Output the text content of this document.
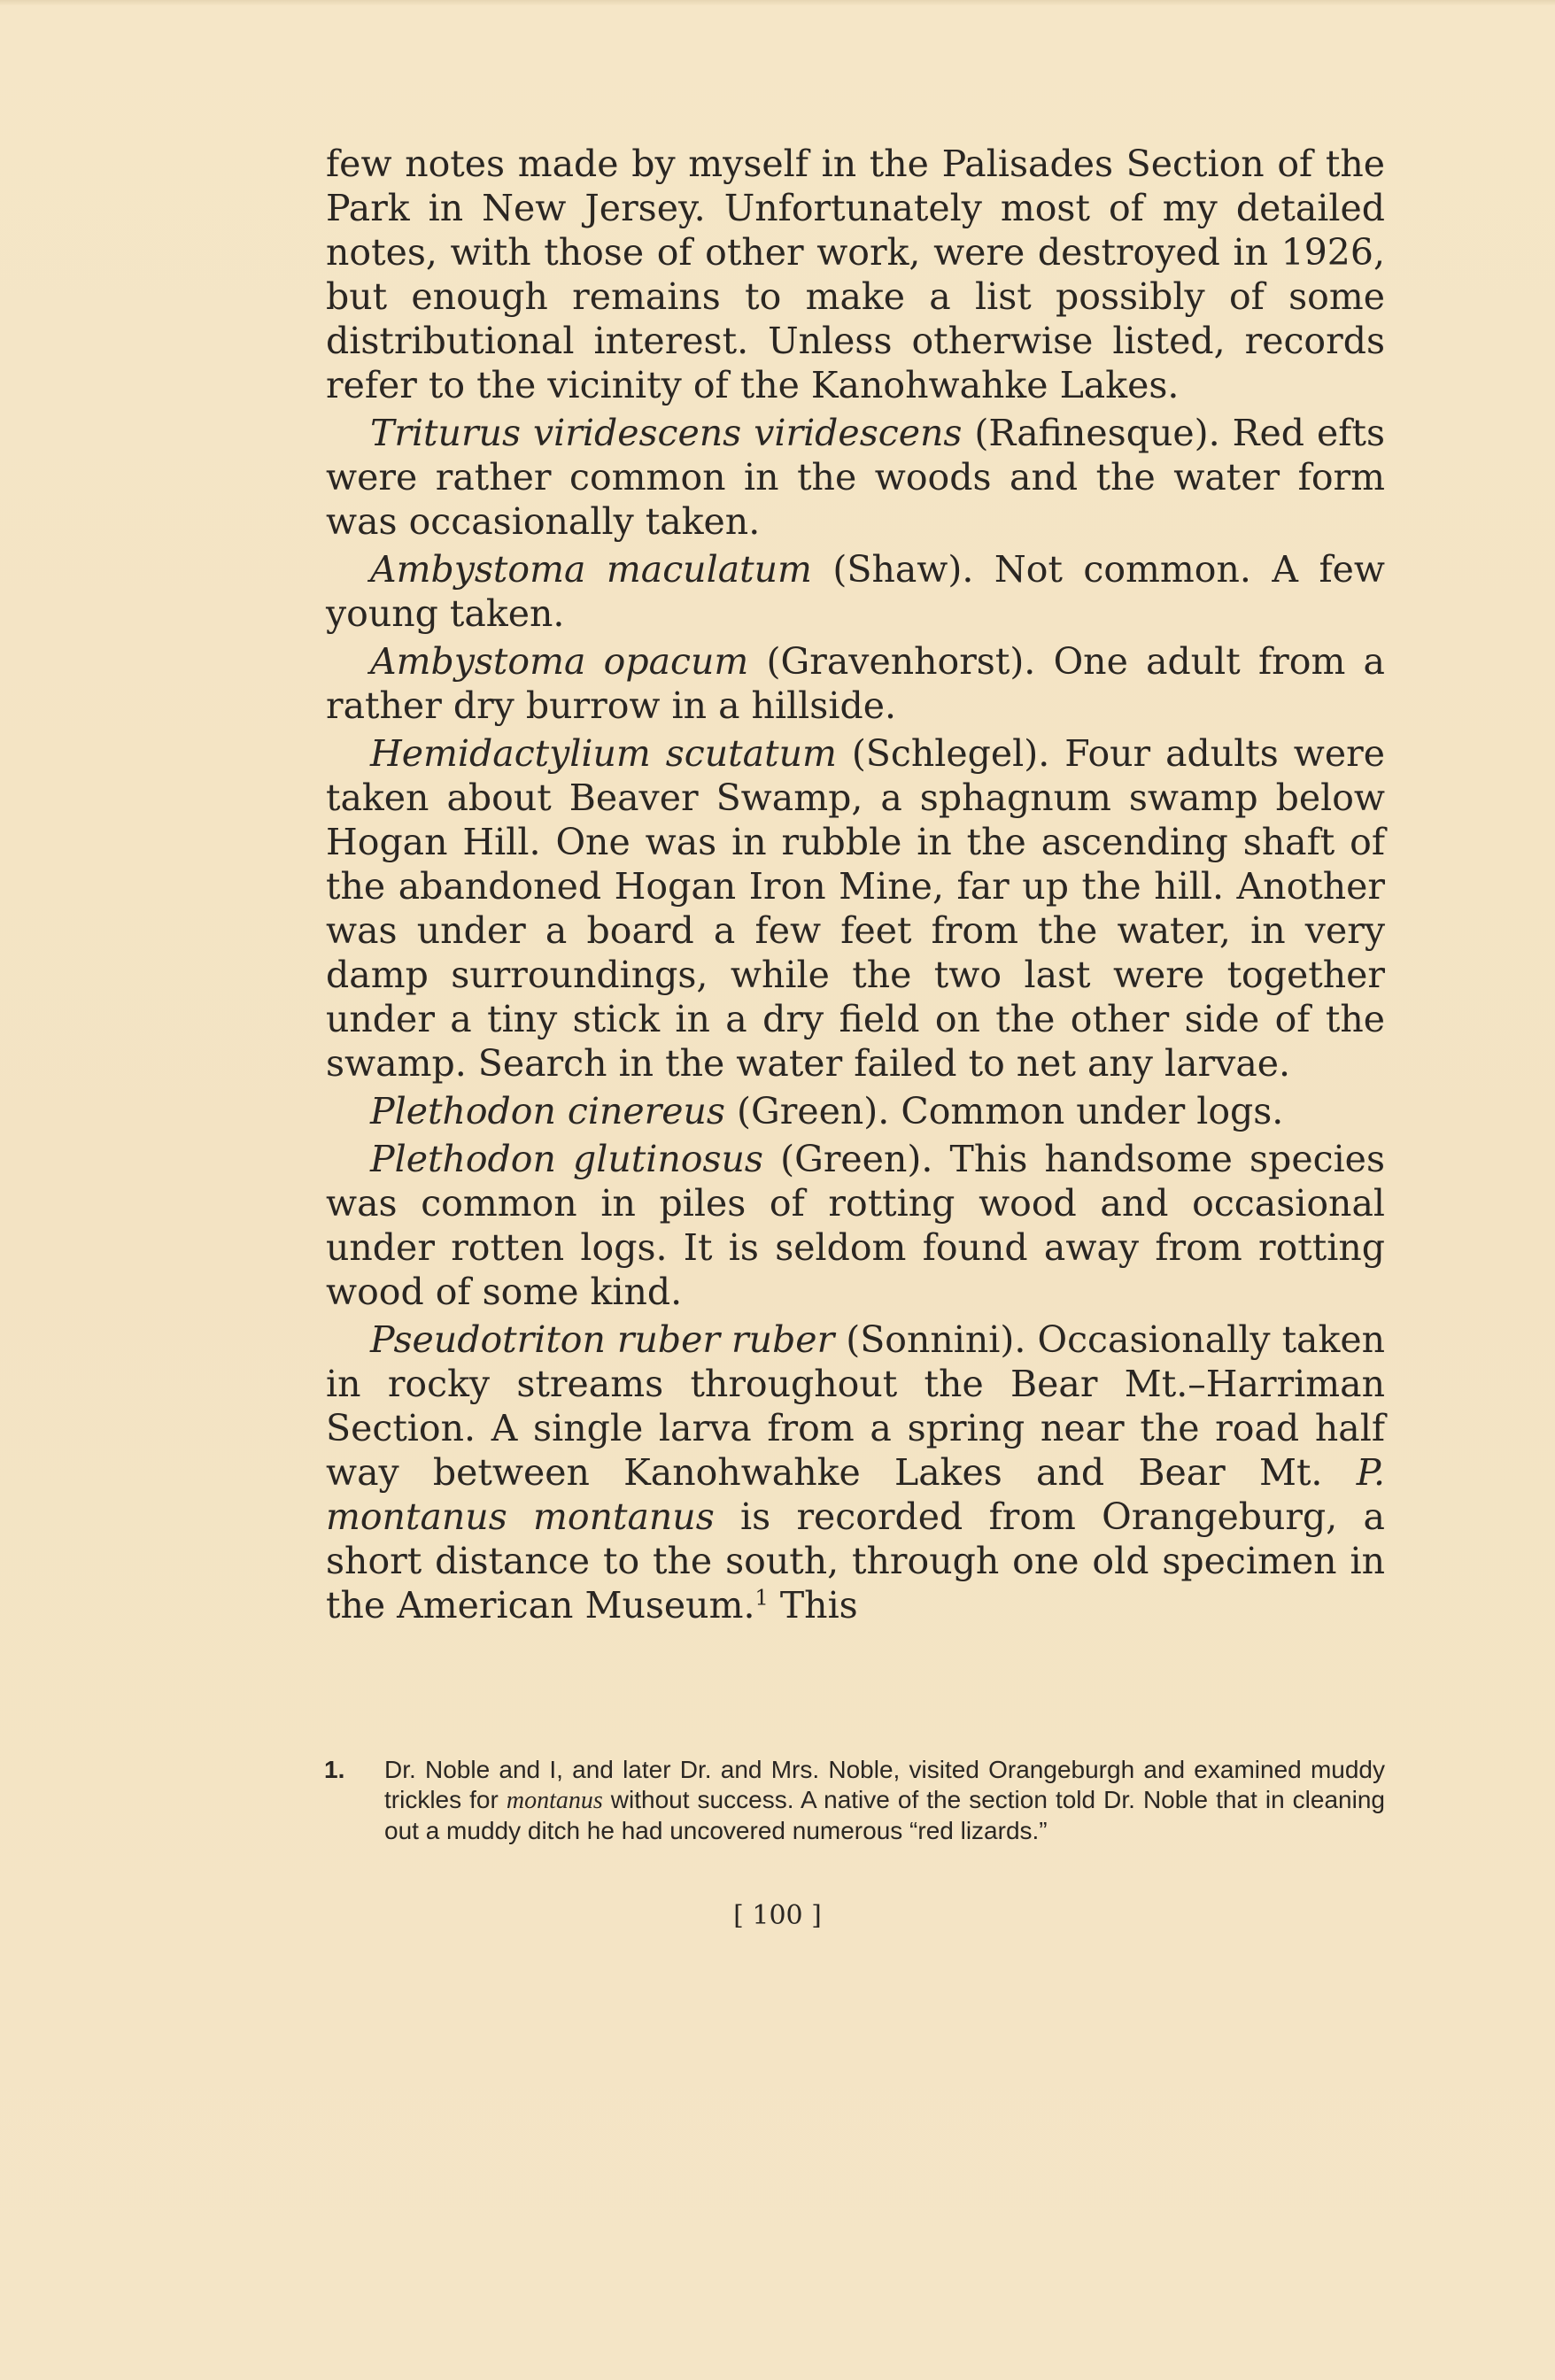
few notes made by myself in the Palisades Section of the Park in New Jersey. Unfortunately most of my detailed notes, with those of other work, were destroyed in 1926, but enough remains to make a list possibly of some distributional interest. Unless otherwise listed, records refer to the vicinity of the Kanohwahke Lakes.

Triturus viridescens viridescens (Rafinesque). Red efts were rather common in the woods and the water form was occasionally taken.

Ambystoma maculatum (Shaw). Not common. A few young taken.

Ambystoma opacum (Gravenhorst). One adult from a rather dry burrow in a hillside.

Hemidactylium scutatum (Schlegel). Four adults were taken about Beaver Swamp, a sphagnum swamp below Hogan Hill. One was in rubble in the ascending shaft of the abandoned Hogan Iron Mine, far up the hill. Another was under a board a few feet from the water, in very damp surroundings, while the two last were together under a tiny stick in a dry field on the other side of the swamp. Search in the water failed to net any larvae.

Plethodon cinereus (Green). Common under logs.

Plethodon glutinosus (Green). This handsome species was common in piles of rotting wood and occasional under rotten logs. It is seldom found away from rotting wood of some kind.

Pseudotriton ruber ruber (Sonnini). Occasionally taken in rocky streams throughout the Bear Mt.–Harriman Section. A single larva from a spring near the road half way between Kanohwahke Lakes and Bear Mt. P. montanus montanus is recorded from Orangeburg, a short distance to the south, through one old specimen in the American Museum.$^1$ This

1. Dr. Noble and I, and later Dr. and Mrs. Noble, visited Orangeburgh and examined muddy trickles for montanus without success. A native of the section told Dr. Noble that in cleaning out a muddy ditch he had uncovered numerous “red lizards.”
[ 100 ]
